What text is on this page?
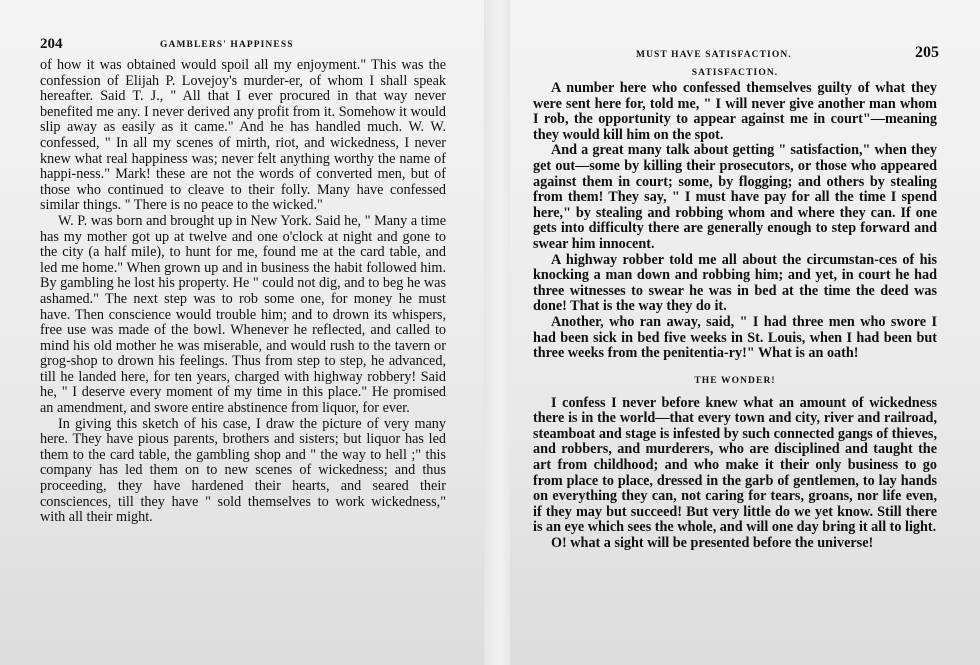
204	GAMBLERS' HAPPINESS

of how it was obtained would spoil all my enjoyment." This was the confession of Elijah P. Lovejoy's murder-er, of whom I shall speak hereafter. Said T. J., " All that I ever procured in that way never benefited me any. I never derived any profit from it. Somehow it would slip away as easily as it came." And he has handled much. W. W. confessed, " In all my scenes of mirth, riot, and wickedness, I never knew what real happiness was; never felt anything worthy the name of happi-ness." Mark! these are not the words of converted men, but of those who continued to cleave to their folly. Many have confessed similar things. " There is no peace to the wicked."

W. P. was born and brought up in New York. Said he, " Many a time has my mother got up at twelve and one o'clock at night and gone to the city (a half mile), to hunt for me, found me at the card table, and led me home." When grown up and in business the habit followed him. By gambling he lost his property. He " could not dig, and to beg he was ashamed." The next step was to rob some one, for money he must have. Then conscience would trouble him; and to drown its whispers, free use was made of the bowl. Whenever he reflected, and called to mind his old mother he was miserable, and would rush to the tavern or grog-shop to drown his feelings. Thus from step to step, he advanced, till he landed here, for ten years, charged with highway robbery! Said he, " I deserve every moment of my time in this place." He promised an amendment, and swore entire abstinence from liquor, for ever.

In giving this sketch of his case, I draw the picture of very many here. They have pious parents, brothers and sisters; but liquor has led them to the card table, the gambling shop and " the way to hell ;" this company has led them on to new scenes of wickedness; and thus proceeding, they have hardened their hearts, and seared their consciences, till they have " sold themselves to work wickedness," with all their might.

MUST HAVE SATISFACTION.	205
SATISFACTION.

A number here who confessed themselves guilty of what they were sent here for, told me, " I will never give another man whom I rob, the opportunity to appear against me in court"—meaning they would kill him on the spot.

And a great many talk about getting " satisfaction," when they get out—some by killing their prosecutors, or those who appeared against them in court; some, by flogging; and others by stealing from them! They say, " I must have pay for all the time I spend here," by stealing and robbing whom and where they can. If one gets into difficulty there are generally enough to step forward and swear him innocent.

A highway robber told me all about the circumstan-ces of his knocking a man down and robbing him; and yet, in court he had three witnesses to swear he was in bed at the time the deed was done! That is the way they do it.

Another, who ran away, said, " I had three men who swore I had been sick in bed five weeks in St. Louis, when I had been but three weeks from the penitentia-ry!" What is an oath!

THE WONDER!

I confess I never before knew what an amount of wickedness there is in the world—that every town and city, river and railroad, steamboat and stage is infested by such connected gangs of thieves, and robbers, and murderers, who are disciplined and taught the art from childhood; and who make it their only business to go from place to place, dressed in the garb of gentlemen, to lay hands on everything they can, not caring for tears, groans, nor life even, if they may but succeed! But very little do we yet know. Still there is an eye which sees the whole, and will one day bring it all to light.

O! what a sight will be presented before the universe!
